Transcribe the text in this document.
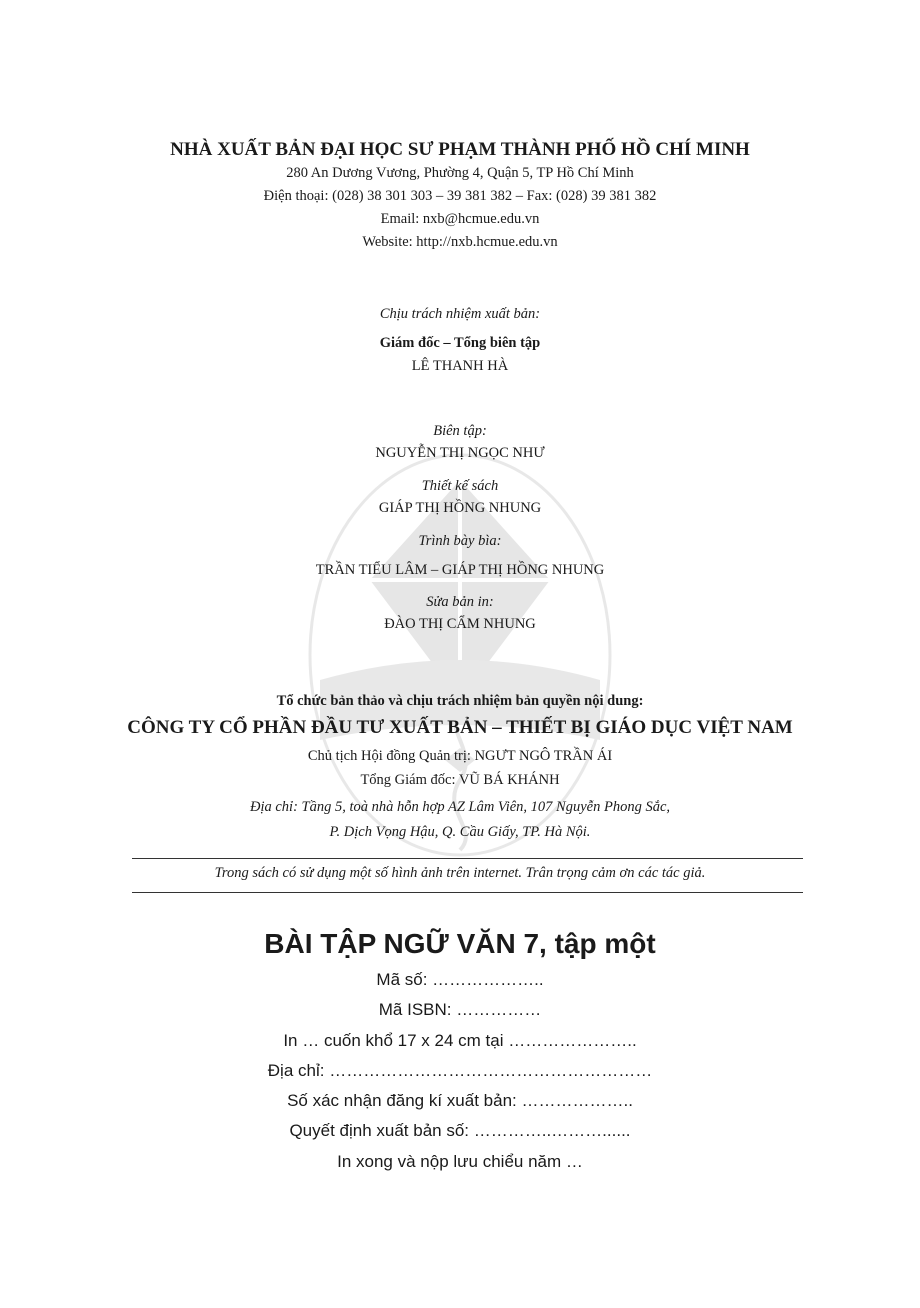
NHÀ XUẤT BẢN ĐẠI HỌC SƯ PHẠM THÀNH PHỐ HỒ CHÍ MINH
280 An Dương Vương, Phường 4, Quận 5, TP Hồ Chí Minh
Điện thoại: (028) 38 301 303 – 39 381 382 – Fax: (028) 39 381 382
Email: nxb@hcmue.edu.vn
Website: http://nxb.hcmue.edu.vn
Chịu trách nhiệm xuất bản:
Giám đốc – Tổng biên tập
LÊ THANH HÀ
Biên tập:
NGUYỄN THỊ NGỌC NHƯ
Thiết kế sách
GIÁP THỊ HỒNG NHUNG
Trình bày bìa:
TRẦN TIỂU LÂM – GIÁP THỊ HỒNG NHUNG
Sửa bản in:
ĐÀO THỊ CẨM NHUNG
Tổ chức bản thảo và chịu trách nhiệm bản quyền nội dung:
CÔNG TY CỔ PHẦN ĐẦU TƯ XUẤT BẢN – THIẾT BỊ GIÁO DỤC VIỆT NAM
Chủ tịch Hội đồng Quản trị: NGƯT NGÔ TRẦN ÁI
Tổng Giám đốc: VŨ BÁ KHÁNH
Địa chỉ: Tầng 5, toà nhà hỗn hợp AZ Lâm Viên, 107 Nguyễn Phong Sắc,
P. Dịch Vọng Hậu, Q. Cầu Giấy, TP. Hà Nội.
Trong sách có sử dụng một số hình ảnh trên internet. Trân trọng cảm ơn các tác giả.
BÀI TẬP NGỮ VĂN 7, tập một
Mã số: ………………..
Mã ISBN: ……………
In … cuốn khổ 17 x 24 cm tại …………………..
Địa chỉ: …………………………………………………
Số xác nhận đăng kí xuất bản: ………………..
Quyết định xuất bản số: …………..………......
In xong và nộp lưu chiểu năm …
